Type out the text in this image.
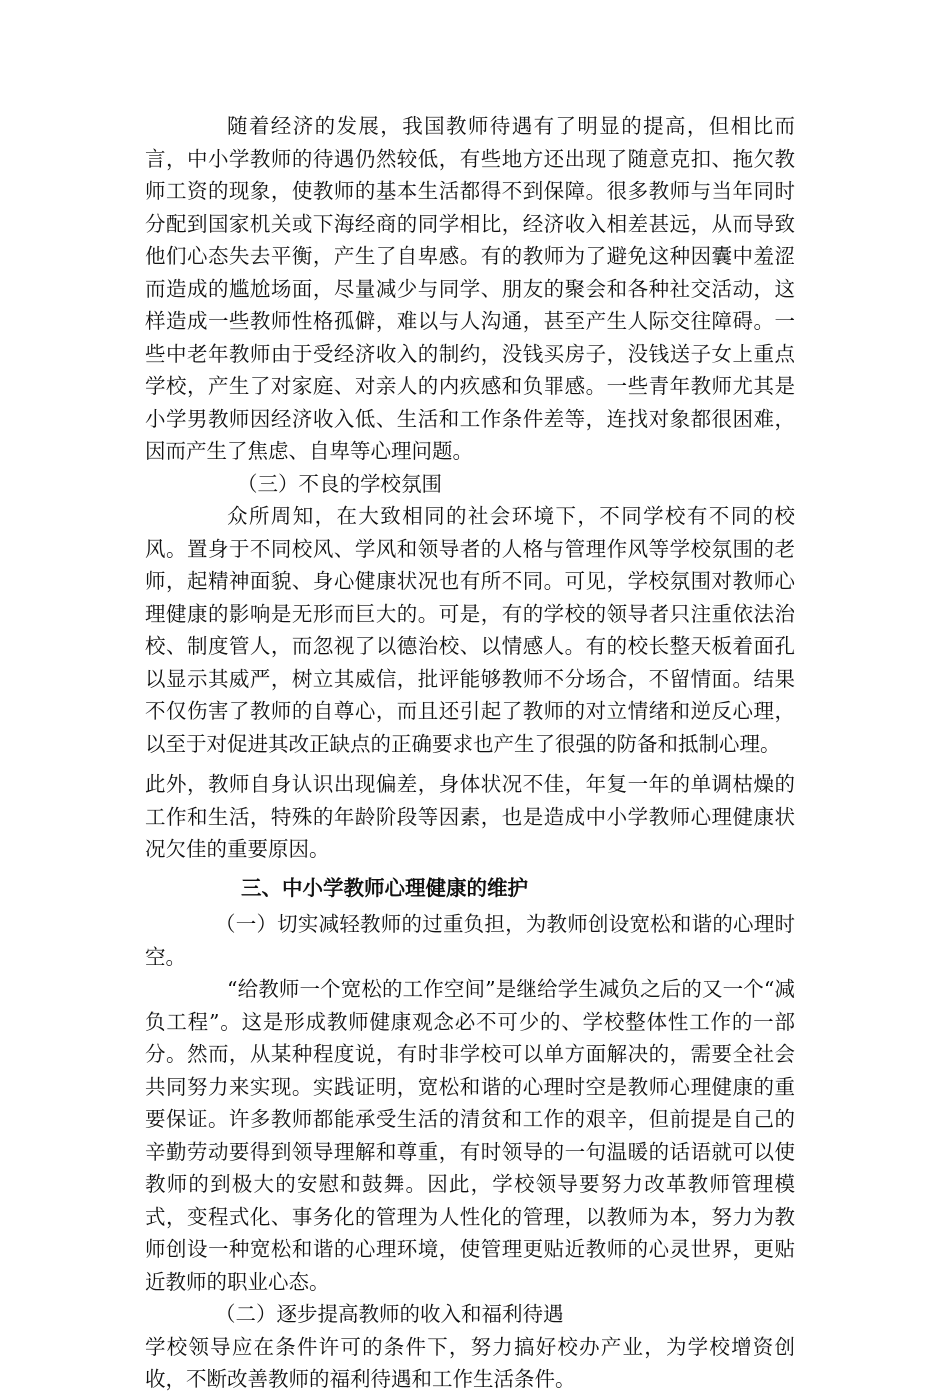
随着经济的发展，我国教师待遇有了明显的提高，但相比而言，中小学教师的待遇仍然较低，有些地方还出现了随意克扣、拖欠教师工资的现象，使教师的基本生活都得不到保障。很多教师与当年同时分配到国家机关或下海经商的同学相比，经济收入相差甚远，从而导致他们心态失去平衡，产生了自卑感。有的教师为了避免这种因囊中羞涩而造成的尴尬场面，尽量减少与同学、朋友的聚会和各种社交活动，这样造成一些教师性格孤僻，难以与人沟通，甚至产生人际交往障碍。一些中老年教师由于受经济收入的制约，没钱买房子，没钱送子女上重点学校，产生了对家庭、对亲人的内疚感和负罪感。一些青年教师尤其是小学男教师因经济收入低、生活和工作条件差等，连找对象都很困难，因而产生了焦虑、自卑等心理问题。

（三）不良的学校氛围

众所周知，在大致相同的社会环境下，不同学校有不同的校风。置身于不同校风、学风和领导者的人格与管理作风等学校氛围的老师，起精神面貌、身心健康状况也有所不同。可见，学校氛围对教师心理健康的影响是无形而巨大的。可是，有的学校的领导者只注重依法治校、制度管人，而忽视了以德治校、以情感人。有的校长整天板着面孔以显示其威严，树立其威信，批评能够教师不分场合，不留情面。结果不仅伤害了教师的自尊心，而且还引起了教师的对立情绪和逆反心理，以至于对促进其改正缺点的正确要求也产生了很强的防备和抵制心理。

此外，教师自身认识出现偏差，身体状况不佳，年复一年的单调枯燥的工作和生活，特殊的年龄阶段等因素，也是造成中小学教师心理健康状况欠佳的重要原因。

三、中小学教师心理健康的维护

（一）切实减轻教师的过重负担，为教师创设宽松和谐的心理时空。

“给教师一个宽松的工作空间”是继给学生减负之后的又一个“减负工程”。这是形成教师健康观念必不可少的、学校整体性工作的一部分。然而，从某种程度说，有时非学校可以单方面解决的，需要全社会共同努力来实现。实践证明，宽松和谐的心理时空是教师心理健康的重要保证。许多教师都能承受生活的清贫和工作的艰辛，但前提是自己的辛勤劳动要得到领导理解和尊重，有时领导的一句温暖的话语就可以使教师的到极大的安慰和鼓舞。因此，学校领导要努力改革教师管理模式，变程式化、事务化的管理为人性化的管理，以教师为本，努力为教师创设一种宽松和谐的心理环境，使管理更贴近教师的心灵世界，更贴近教师的职业心态。

（二）逐步提高教师的收入和福利待遇

学校领导应在条件许可的条件下，努力搞好校办产业，为学校增资创收，不断改善教师的福利待遇和工作生活条件。
